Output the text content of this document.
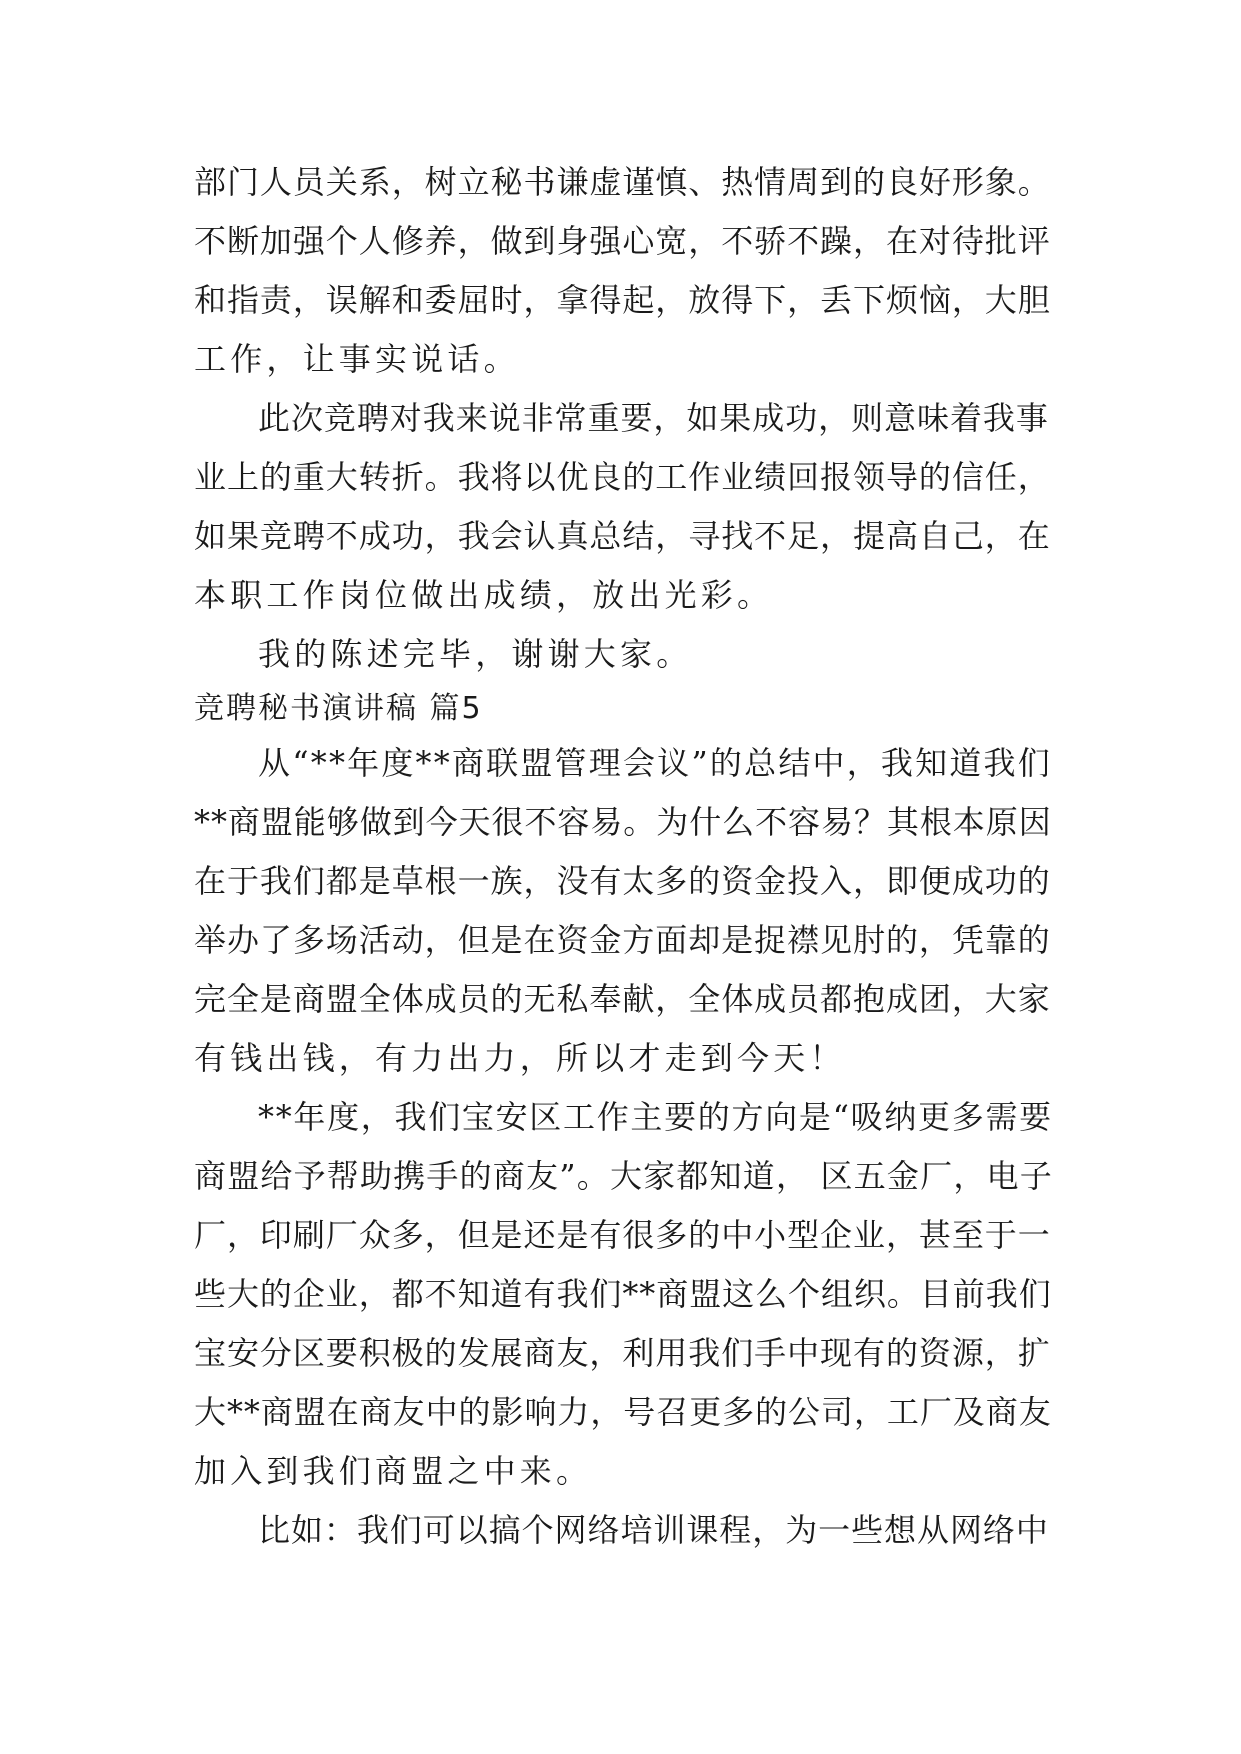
部门人员关系，树立秘书谦虚谨慎、热情周到的良好形象。
不断加强个人修养，做到身强心宽，不骄不躁，在对待批评
和指责，误解和委屈时，拿得起，放得下，丢下烦恼，大胆
工作，让事实说话。
此次竞聘对我来说非常重要，如果成功，则意味着我事
业上的重大转折。我将以优良的工作业绩回报领导的信任，
如果竞聘不成功，我会认真总结，寻找不足，提高自己，在
本职工作岗位做出成绩，放出光彩。
我的陈述完毕，谢谢大家。
竞聘秘书演讲稿 篇5
从“**年度**商联盟管理会议”的总结中，我知道我们
**商盟能够做到今天很不容易。为什么不容易？其根本原因
在于我们都是草根一族，没有太多的资金投入，即便成功的
举办了多场活动，但是在资金方面却是捉襟见肘的，凭靠的
完全是商盟全体成员的无私奉献，全体成员都抱成团，大家
有钱出钱，有力出力，所以才走到今天！
**年度，我们宝安区工作主要的方向是“吸纳更多需要
商盟给予帮助携手的商友”。大家都知道， 区五金厂，电子
厂，印刷厂众多，但是还是有很多的中小型企业，甚至于一
些大的企业，都不知道有我们**商盟这么个组织。目前我们
宝安分区要积极的发展商友，利用我们手中现有的资源，扩
大**商盟在商友中的影响力，号召更多的公司，工厂及商友
加入到我们商盟之中来。
比如：我们可以搞个网络培训课程，为一些想从网络中
